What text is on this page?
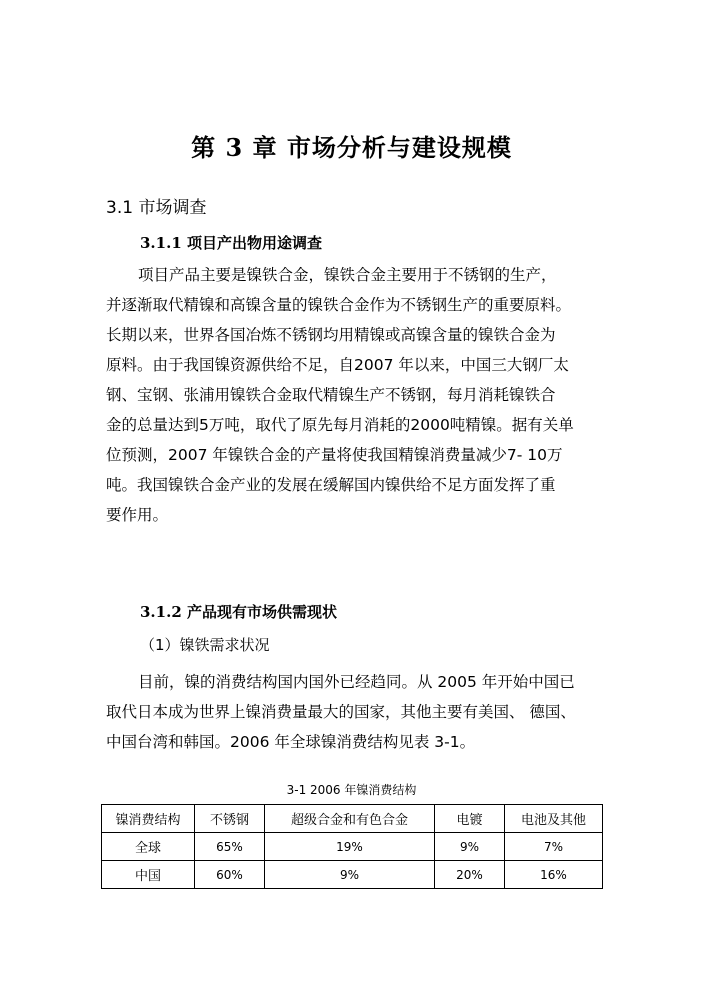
第 3 章 市场分析与建设规模
3.1 市场调查
3.1.1 项目产出物用途调查
项目产品主要是镍铁合金，镍铁合金主要用于不锈钢的生产，
并逐渐取代精镍和高镍含量的镍铁合金作为不锈钢生产的重要原料。
长期以来，世界各国冶炼不锈钢均用精镍或高镍含量的镍铁合金为
原料。由于我国镍资源供给不足，自2007 年以来，中国三大钢厂太
钢、宝钢、张浦用镍铁合金取代精镍生产不锈钢，每月消耗镍铁合
金的总量达到5万吨，取代了原先每月消耗的2000吨精镍。据有关单
位预测，2007 年镍铁合金的产量将使我国精镍消费量减少7- 10万
吨。我国镍铁合金产业的发展在缓解国内镍供给不足方面发挥了重
要作用。
3.1.2 产品现有市场供需现状
（1）镍铁需求状况
目前，镍的消费结构国内国外已经趋同。从 2005 年开始中国已
取代日本成为世界上镍消费量最大的国家，其他主要有美国、 德国、
中国台湾和韩国。2006 年全球镍消费结构见表 3-1。
3-1 2006 年镍消费结构
镍消费结构	不锈钢	超级合金和有色合金	电镀	电池及其他
全球	65%	19%	9%	7%
中国	60%	9%	20%	16%
